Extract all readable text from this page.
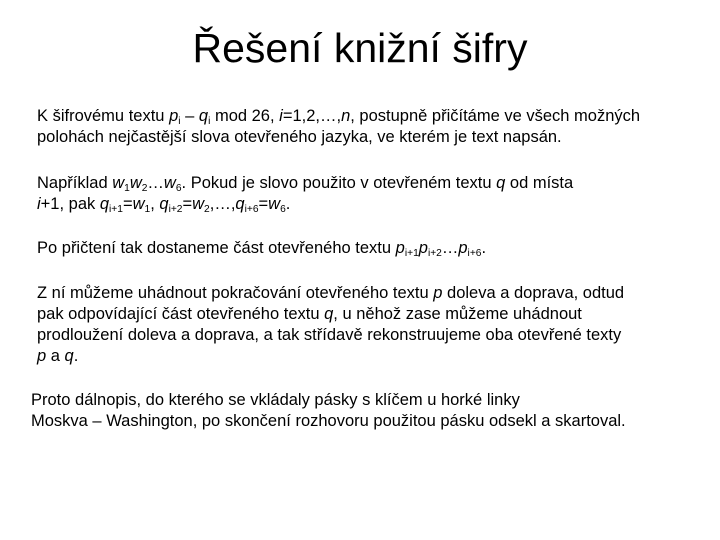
Řešení knižní šifry
K šifrovému textu $p_i - q_i$ mod 26, i=1,2,…,n, postupně přičítáme ve všech možných
polohách nejčastější slova otevřeného jazyka, ve kterém je text napsán.
Například $w_1w_2\dots w_6$. Pokud je slovo použito v otevřeném textu q od místa
i+1, pak $q_{i+1}=w_1$, $q_{i+2}=w_2,\dots,q_{i+6}=w_6$.
Po přičtení tak dostaneme část otevřeného textu $p_{i+1}p_{i+2}\dots p_{i+6}$.
Z ní můžeme uhádnout pokračování otevřeného textu p doleva a doprava, odtud
pak odpovídající část otevřeného textu q, u něhož zase můžeme uhádnout
prodloužení doleva a doprava, a tak střídavě rekonstruujeme oba otevřené texty
p a q.
Proto dálnopis, do kterého se vkládaly pásky s klíčem u horké linky
Moskva – Washington, po skončení rozhovoru použitou pásku odsekl a skartoval.
